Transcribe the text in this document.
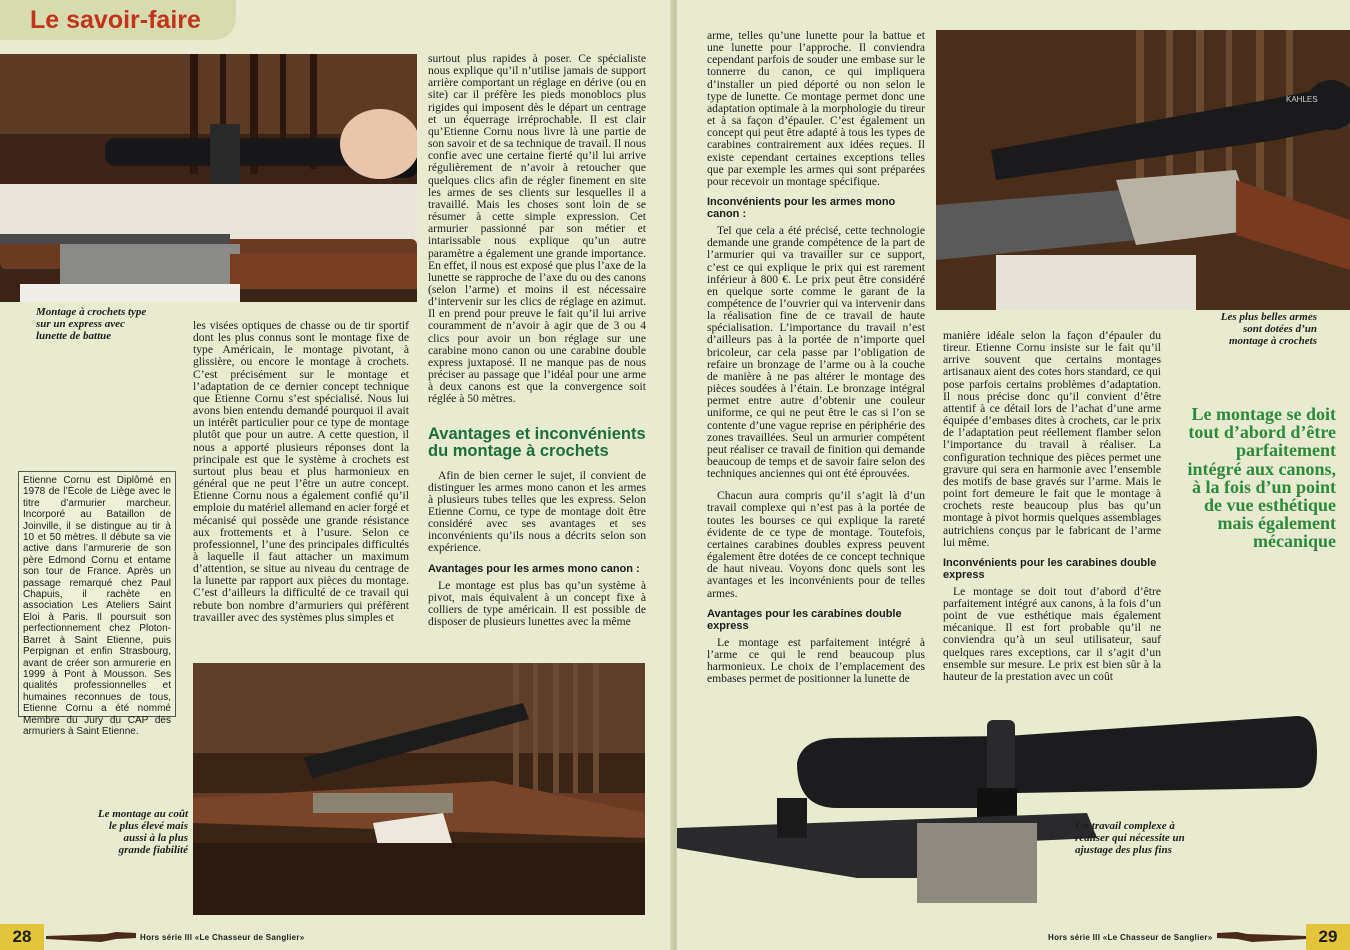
Le savoir-faire
Montage à crochets type
sur un express avec
lunette de battue
Etienne Cornu est Diplômé en 1978 de l’Ecole de Liège avec le titre d’armurier marcheur. Incorporé au Bataillon de Joinville, il se distingue au tir à 10 et 50 mètres. Il débute sa vie active dans l’armurerie de son père Edmond Cornu et entame son tour de France. Après un passage remarqué chez Paul Chapuis, il rachète en association Les Ateliers Saint Eloi à Paris. Il poursuit son perfectionnement chez Ploton-Barret à Saint Etienne, puis Perpignan et enfin Strasbourg, avant de créer son armurerie en 1999 à Pont à Mousson. Ses qualités professionnelles et humaines reconnues de tous, Etienne Cornu a été nommé Membre du Jury du CAP des armuriers à Saint Etienne.

les visées optiques de chasse ou de tir sportif dont les plus connus sont le montage fixe de type Américain, le montage pivotant, à glissière, ou encore le montage à crochets. C’est précisément sur le montage et l’adaptation de ce dernier concept technique que Etienne Cornu s’est spécialisé. Nous lui avons bien entendu demandé pourquoi il avait un intérêt particulier pour ce type de montage plutôt que pour un autre. A cette question, il nous a apporté plusieurs réponses dont la principale est que le système à crochets est surtout plus beau et plus harmonieux en général que ne peut l’être un autre concept. Etienne Cornu nous a également confié qu’il emploie du matériel allemand en acier forgé et mécanisé qui possède une grande résistance aux frottements et à l’usure. Selon ce professionnel, l’une des principales difficultés à laquelle il faut attacher un maximum d’attention, se situe au niveau du centrage de la lunette par rapport aux pièces du montage. C’est d’ailleurs la difficulté de ce travail qui rebute bon nombre d’armuriers qui préfèrent travailler avec des systèmes plus simples et

surtout plus rapides à poser. Ce spécialiste nous explique qu’il n’utilise jamais de support arrière comportant un réglage en dérive (ou en site) car il préfère les pieds monoblocs plus rigides qui imposent dès le départ un centrage et un équerrage irréprochable. Il est clair qu’Etienne Cornu nous livre là une partie de son savoir et de sa technique de travail. Il nous confie avec une certaine fierté qu’il lui arrive régulièrement de n’avoir à retoucher que quelques clics afin de régler finement en site les armes de ses clients sur lesquelles il a travaillé. Mais les choses sont loin de se résumer à cette simple expression. Cet armurier passionné par son métier et intarissable nous explique qu’un autre paramètre a également une grande importance. En effet, il nous est exposé que plus l’axe de la lunette se rapproche de l’axe du ou des canons (selon l’arme) et moins il est nécessaire d’intervenir sur les clics de réglage en azimut. Il en prend pour preuve le fait qu’il lui arrive couramment de n’avoir à agir que de 3 ou 4 clics pour avoir un bon réglage sur une carabine mono canon ou une carabine double express juxtaposé. Il ne manque pas de nous préciser au passage que l’idéal pour une arme à deux canons est que la convergence soit réglée à 50 mètres.

Avantages et inconvénients du montage à crochets

Afin de bien cerner le sujet, il convient de distinguer les armes mono canon et les armes à plusieurs tubes telles que les express. Selon Etienne Cornu, ce type de montage doit être considéré avec ses avantages et ses inconvénients qu’ils nous a décrits selon son expérience.

Avantages pour les armes mono canon :

Le montage est plus bas qu’un système à pivot, mais équivalent à un concept fixe à colliers de type américain. Il est possible de disposer de plusieurs lunettes avec la même

Le montage au coût
le plus élevé mais
aussi à la plus
grande fiabilité
28	Hors série III «Le Chasseur de Sanglier»

arme, telles qu’une lunette pour la battue et une lunette pour l’approche. Il conviendra cependant parfois de souder une embase sur le tonnerre du canon, ce qui impliquera d’installer un pied déporté ou non selon le type de lunette. Ce montage permet donc une adaptation optimale à la morphologie du tireur et à sa façon d’épauler. C’est également un concept qui peut être adapté à tous les types de carabines contrairement aux idées reçues. Il existe cependant certaines exceptions telles que par exemple les armes qui sont préparées pour recevoir un montage spécifique.

Inconvénients pour les armes mono canon :

Tel que cela a été précisé, cette technologie demande une grande compétence de la part de l’armurier qui va travailler sur ce support, c’est ce qui explique le prix qui est rarement inférieur à 800 €. Le prix peut être considéré en quelque sorte comme le garant de la compétence de l’ouvrier qui va intervenir dans la réalisation fine de ce travail de haute spécialisation. L’importance du travail n’est d’ailleurs pas à la portée de n’importe quel bricoleur, car cela passe par l’obligation de refaire un bronzage de l’arme ou à la couche de manière à ne pas altérer le montage des pièces soudées à l’étain. Le bronzage intégral permet entre autre d’obtenir une couleur uniforme, ce qui ne peut être le cas si l’on se contente d’une vague reprise en périphérie des zones travaillées. Seul un armurier compétent peut réaliser ce travail de finition qui demande beaucoup de temps et de savoir faire selon des techniques anciennes qui ont été éprouvées.

Chacun aura compris qu’il s’agit là d’un travail complexe qui n’est pas à la portée de toutes les bourses ce qui explique la rareté évidente de ce type de montage. Toutefois, certaines carabines doubles express peuvent également être dotées de ce concept technique de haut niveau. Voyons donc quels sont les avantages et les inconvénients pour de telles armes.

Avantages pour les carabines double express

Le montage est parfaitement intégré à l’arme ce qui le rend beaucoup plus harmonieux. Le choix de l’emplacement des embases permet de positionner la lunette de

KAHLES
Les plus belles armes
sont dotées d’un
montage à crochets

manière idéale selon la façon d’épauler du tireur. Etienne Cornu insiste sur le fait qu’il arrive souvent que certains montages artisanaux aient des cotes hors standard, ce qui pose parfois certains problèmes d’adaptation. Il nous précise donc qu’il convient d’être attentif à ce détail lors de l’achat d’une arme équipée d’embases dites à crochets, car le prix de l’adaptation peut réellement flamber selon l’importance du travail à réaliser. La configuration technique des pièces permet une gravure qui sera en harmonie avec l’ensemble des motifs de base gravés sur l’arme. Mais le point fort demeure le fait que le montage à crochets reste beaucoup plus bas qu’un montage à pivot hormis quelques assemblages autrichiens conçus par le fabricant de l’arme lui même.

Inconvénients pour les carabines double express

Le montage se doit tout d’abord d’être parfaitement intégré aux canons, à la fois d’un point de vue esthétique mais également mécanique. Il est fort probable qu’il ne conviendra qu’à un seul utilisateur, sauf quelques rares exceptions, car il s’agit d’un ensemble sur mesure. Le prix est bien sûr à la hauteur de la prestation avec un coût

Un travail complexe à
réaliser qui nécessite un
ajustage des plus fins
Hors série III «Le Chasseur de Sanglier»	29
Le montage se doit tout d’abord d’être parfaitement intégré aux canons, à la fois d’un point de vue esthétique mais également mécanique
